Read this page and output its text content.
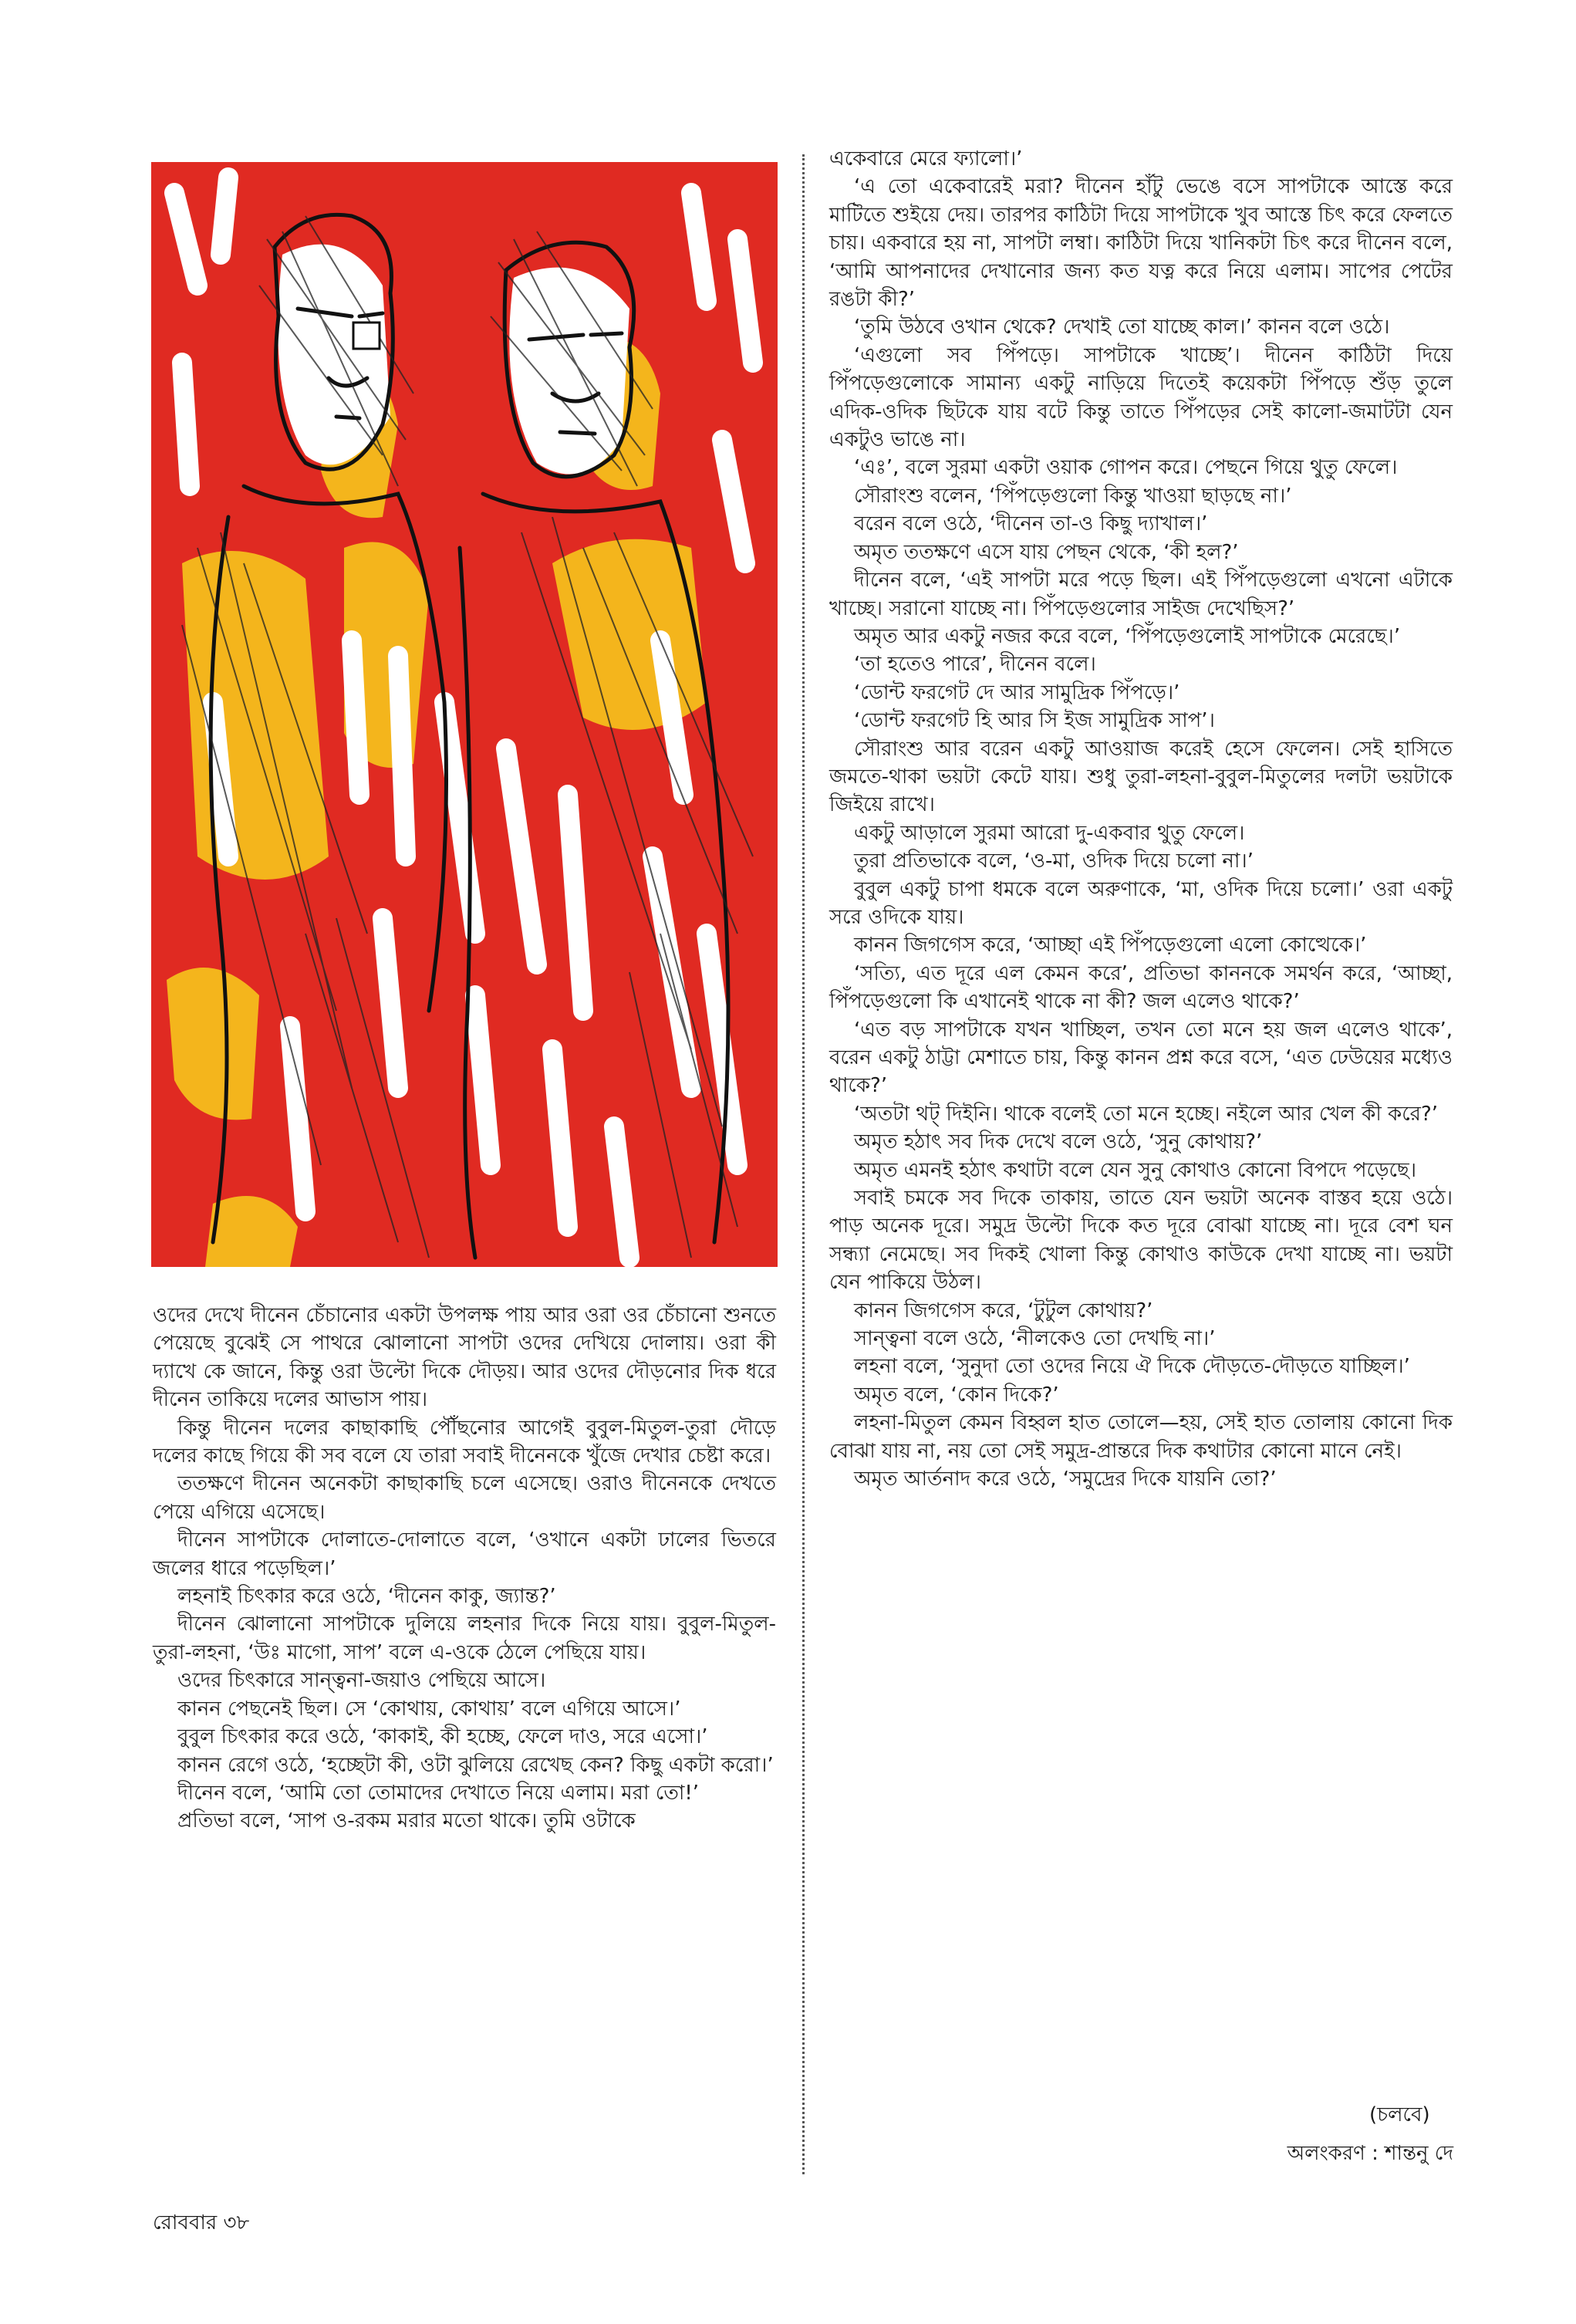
ওদের দেখে দীনেন চেঁচানোর একটা উপলক্ষ পায় আর ওরা ওর চেঁচানো শুনতে পেয়েছে বুঝেই সে পাথরে ঝোলানো সাপটা ওদের দেখিয়ে দোলায়। ওরা কী দ্যাখে কে জানে, কিন্তু ওরা উল্টো দিকে দৌড়য়। আর ওদের দৌড়নোর দিক ধরে দীনেন তাকিয়ে দলের আভাস পায়।

কিন্তু দীনেন দলের কাছাকাছি পৌঁছনোর আগেই বুবুল-মিতুল-তুরা দৌড়ে দলের কাছে গিয়ে কী সব বলে যে তারা সবাই দীনেনকে খুঁজে দেখার চেষ্টা করে।

ততক্ষণে দীনেন অনেকটা কাছাকাছি চলে এসেছে। ওরাও দীনেনকে দেখতে পেয়ে এগিয়ে এসেছে।

দীনেন সাপটাকে দোলাতে-দোলাতে বলে, ‘ওখানে একটা ঢালের ভিতরে জলের ধারে পড়েছিল।’

লহনাই চিৎকার করে ওঠে, ‘দীনেন কাকু, জ্যান্ত?’

দীনেন ঝোলানো সাপটাকে দুলিয়ে লহনার দিকে নিয়ে যায়। বুবুল-মিতুল-তুরা-লহনা, ‘উঃ মাগো, সাপ’ বলে এ-ওকে ঠেলে পেছিয়ে যায়।

ওদের চিৎকারে সান্ত্বনা-জয়াও পেছিয়ে আসে।

কানন পেছনেই ছিল। সে ‘কোথায়, কোথায়’ বলে এগিয়ে আসে।’

বুবুল চিৎকার করে ওঠে, ‘কাকাই, কী হচ্ছে, ফেলে দাও, সরে এসো।’

কানন রেগে ওঠে, ‘হচ্ছেটা কী, ওটা ঝুলিয়ে রেখেছ কেন? কিছু একটা করো।’

দীনেন বলে, ‘আমি তো তোমাদের দেখাতে নিয়ে এলাম। মরা তো!’

প্রতিভা বলে, ‘সাপ ও-রকম মরার মতো থাকে। তুমি ওটাকে

একেবারে মেরে ফ্যালো।’

‘এ তো একেবারেই মরা? দীনেন হাঁটু ভেঙে বসে সাপটাকে আস্তে করে মাটিতে শুইয়ে দেয়। তারপর কাঠিটা দিয়ে সাপটাকে খুব আস্তে চিৎ করে ফেলতে চায়। একবারে হয় না, সাপটা লম্বা। কাঠিটা দিয়ে খানিকটা চিৎ করে দীনেন বলে, ‘আমি আপনাদের দেখানোর জন্য কত যত্ন করে নিয়ে এলাম। সাপের পেটের রঙটা কী?’

‘তুমি উঠবে ওখান থেকে? দেখাই তো যাচ্ছে কাল।’ কানন বলে ওঠে।

‘এগুলো সব পিঁপড়ে। সাপটাকে খাচ্ছে’। দীনেন কাঠিটা দিয়ে পিঁপড়েগুলোকে সামান্য একটু নাড়িয়ে দিতেই কয়েকটা পিঁপড়ে শুঁড় তুলে এদিক-ওদিক ছিটকে যায় বটে কিন্তু তাতে পিঁপড়ের সেই কালো-জমাটটা যেন একটুও ভাঙে না।

‘এঃ’, বলে সুরমা একটা ওয়াক গোপন করে। পেছনে গিয়ে থুতু ফেলে।

সৌরাংশু বলেন, ‘পিঁপড়েগুলো কিন্তু খাওয়া ছাড়ছে না।’

বরেন বলে ওঠে, ‘দীনেন তা-ও কিছু দ্যাখাল।’

অমৃত ততক্ষণে এসে যায় পেছন থেকে, ‘কী হল?’

দীনেন বলে, ‘এই সাপটা মরে পড়ে ছিল। এই পিঁপড়েগুলো এখনো এটাকে খাচ্ছে। সরানো যাচ্ছে না। পিঁপড়েগুলোর সাইজ দেখেছিস?’

অমৃত আর একটু নজর করে বলে, ‘পিঁপড়েগুলোই সাপটাকে মেরেছে।’

‘তা হতেও পারে’, দীনেন বলে।

‘ডোন্ট ফরগেট দে আর সামুদ্রিক পিঁপড়ে।’

‘ডোন্ট ফরগেট হি আর সি ইজ সামুদ্রিক সাপ’।

সৌরাংশু আর বরেন একটু আওয়াজ করেই হেসে ফেলেন। সেই হাসিতে জমতে-থাকা ভয়টা কেটে যায়। শুধু তুরা-লহনা-বুবুল-মিতুলের দলটা ভয়টাকে জিইয়ে রাখে।

একটু আড়ালে সুরমা আরো দু-একবার থুতু ফেলে।

তুরা প্রতিভাকে বলে, ‘ও-মা, ওদিক দিয়ে চলো না।’

বুবুল একটু চাপা ধমকে বলে অরুণাকে, ‘মা, ওদিক দিয়ে চলো।’ ওরা একটু সরে ওদিকে যায়।

কানন জিগগেস করে, ‘আচ্ছা এই পিঁপড়েগুলো এলো কোত্থেকে।’

‘সত্যি, এত দূরে এল কেমন করে’, প্রতিভা কাননকে সমর্থন করে, ‘আচ্ছা, পিঁপড়েগুলো কি এখানেই থাকে না কী? জল এলেও থাকে?’

‘এত বড় সাপটাকে যখন খাচ্ছিল, তখন তো মনে হয় জল এলেও থাকে’, বরেন একটু ঠাট্টা মেশাতে চায়, কিন্তু কানন প্রশ্ন করে বসে, ‘এত ঢেউয়ের মধ্যেও থাকে?’

‘অতটা থট্ দিইনি। থাকে বলেই তো মনে হচ্ছে। নইলে আর খেল কী করে?’

অমৃত হঠাৎ সব দিক দেখে বলে ওঠে, ‘সুনু কোথায়?’

অমৃত এমনই হঠাৎ কথাটা বলে যেন সুনু কোথাও কোনো বিপদে পড়েছে।

সবাই চমকে সব দিকে তাকায়, তাতে যেন ভয়টা অনেক বাস্তব হয়ে ওঠে। পাড় অনেক দূরে। সমুদ্র উল্টো দিকে কত দূরে বোঝা যাচ্ছে না। দূরে বেশ ঘন সন্ধ্যা নেমেছে। সব দিকই খোলা কিন্তু কোথাও কাউকে দেখা যাচ্ছে না। ভয়টা যেন পাকিয়ে উঠল।

কানন জিগগেস করে, ‘টুটুল কোথায়?’

সান্ত্বনা বলে ওঠে, ‘নীলকেও তো দেখছি না।’

লহনা বলে, ‘সুনুদা তো ওদের নিয়ে ঐ দিকে দৌড়তে-দৌড়তে যাচ্ছিল।’

অমৃত বলে, ‘কোন দিকে?’

লহনা-মিতুল কেমন বিহ্বল হাত তোলে—হয়, সেই হাত তোলায় কোনো দিক বোঝা যায় না, নয় তো সেই সমুদ্র-প্রান্তরে দিক কথাটার কোনো মানে নেই।

অমৃত আর্তনাদ করে ওঠে, ‘সমুদ্রের দিকে যায়নি তো?’

(চলবে)
অলংকরণ : শান্তনু দে
রোববার ৩৮
